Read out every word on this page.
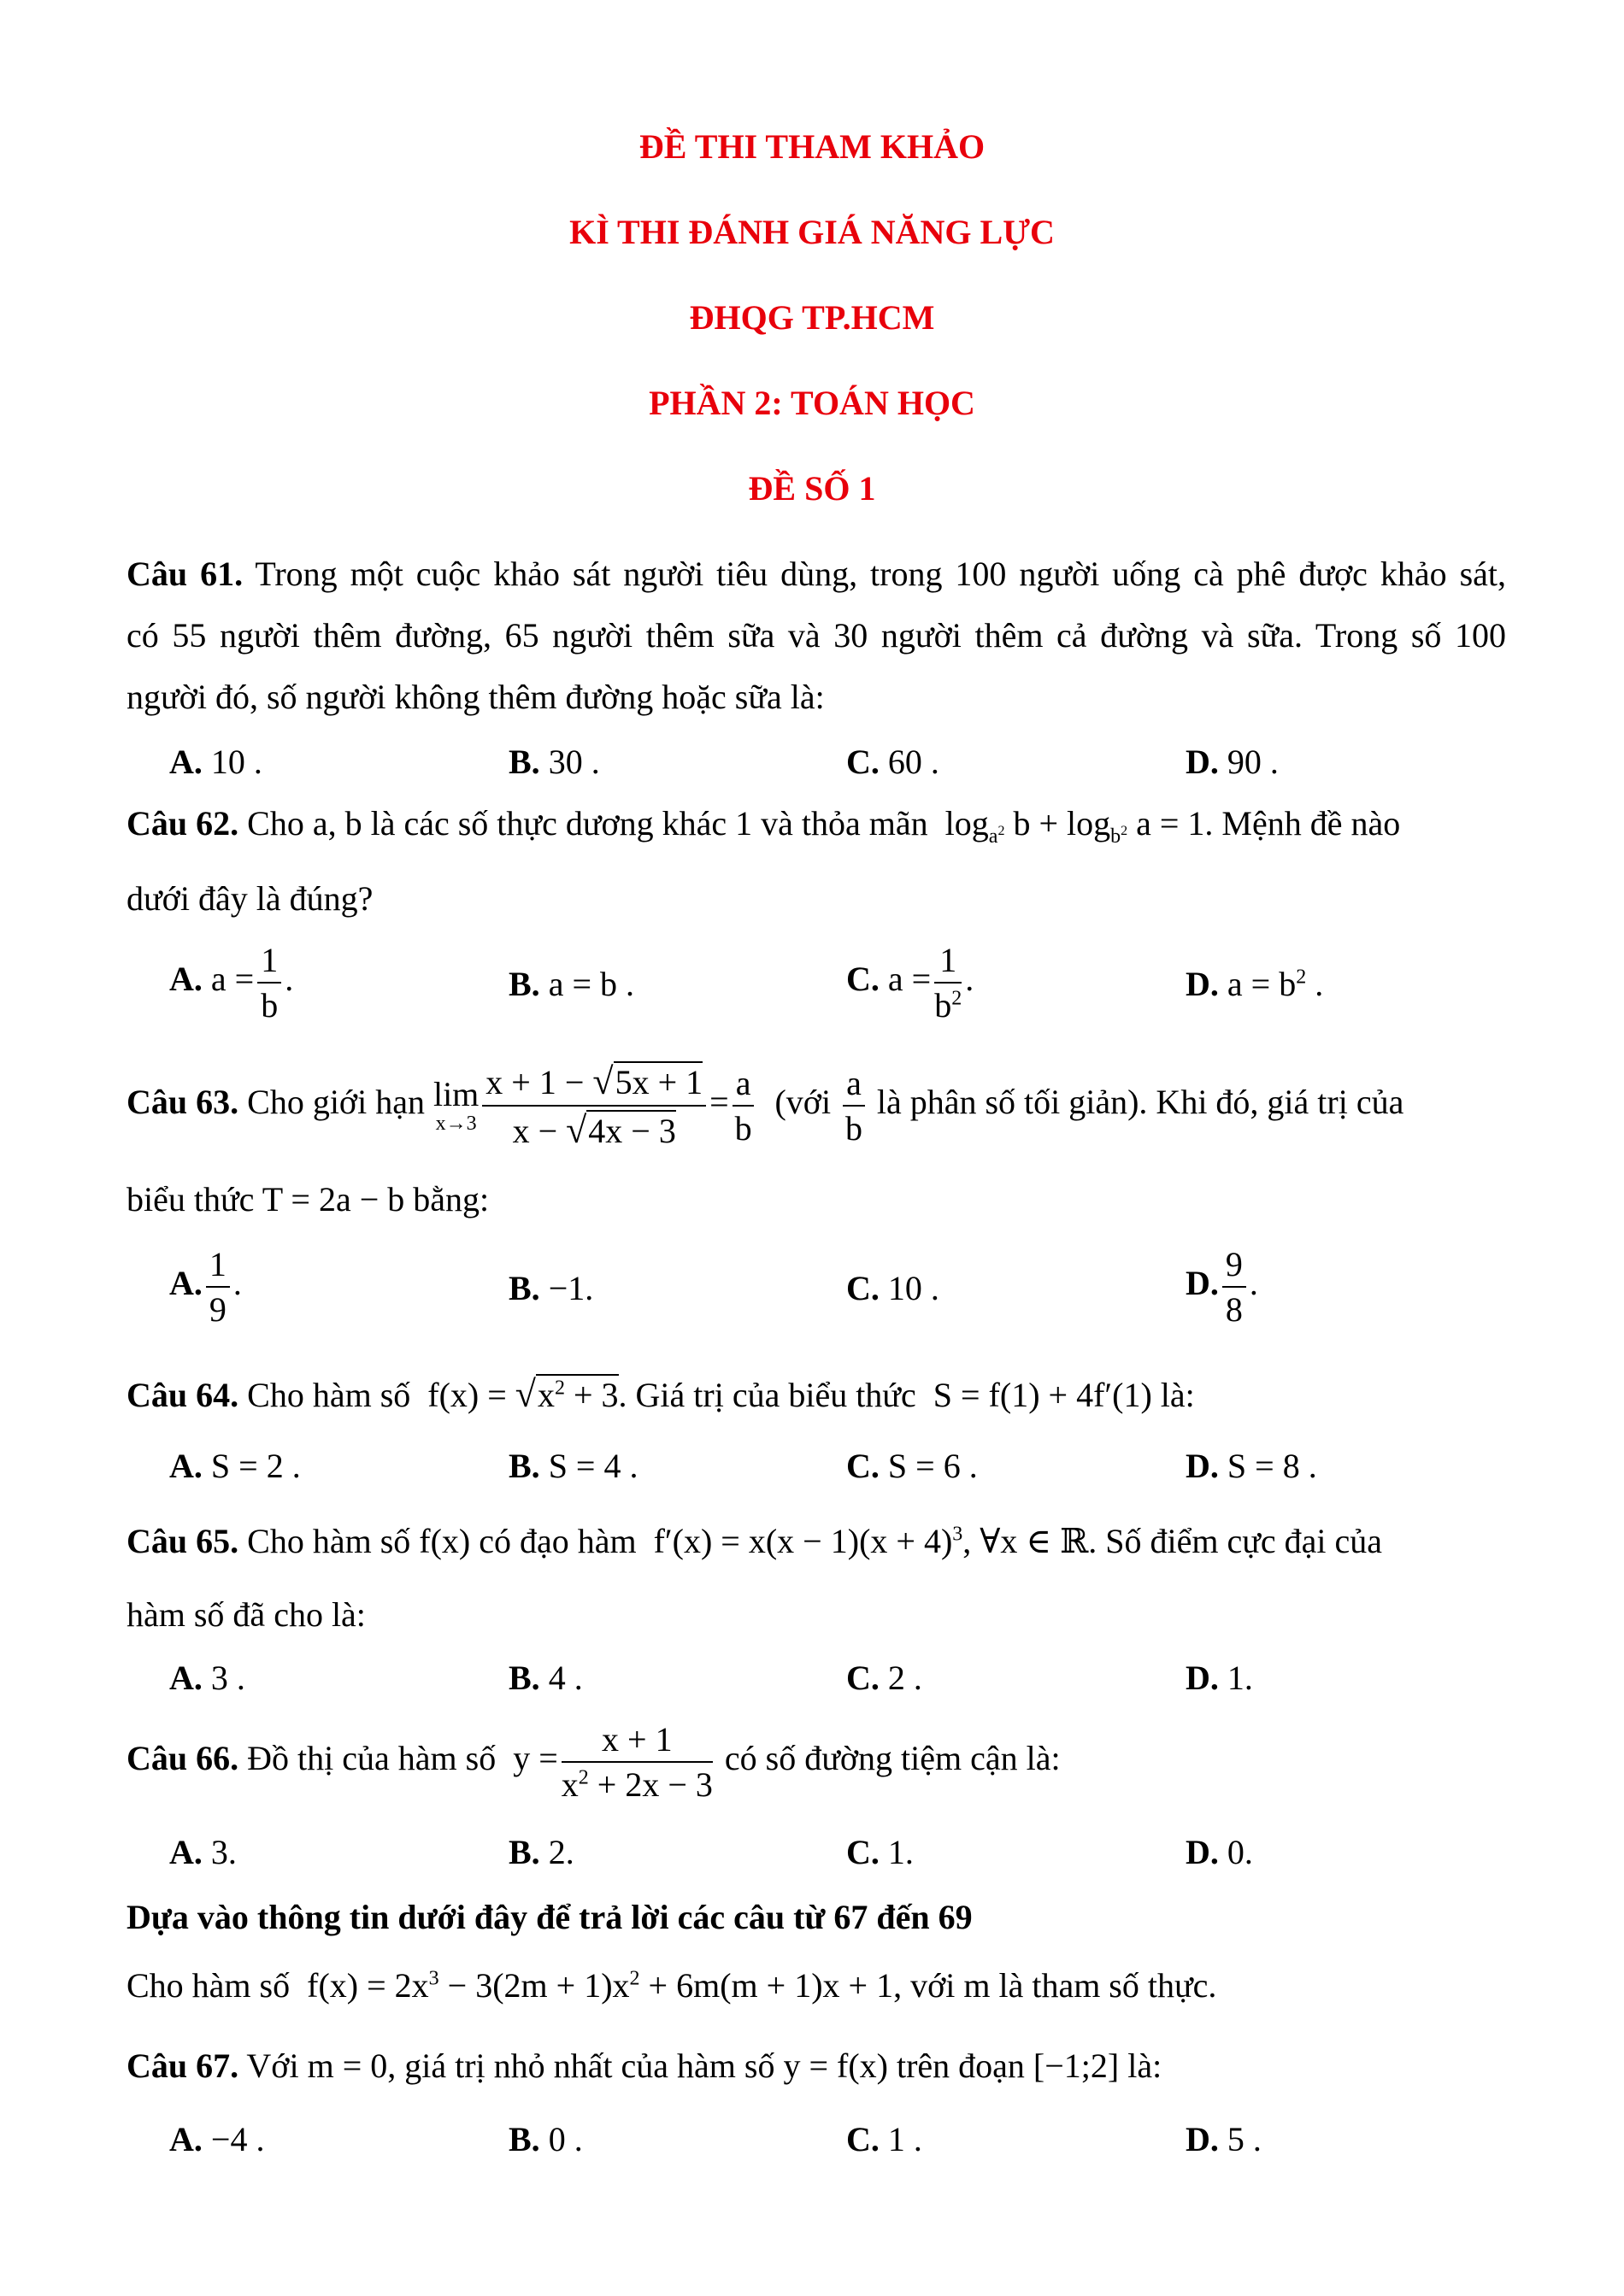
ĐỀ THI THAM KHẢO
KÌ THI ĐÁNH GIÁ NĂNG LỰC
ĐHQG TP.HCM
PHẦN 2: TOÁN HỌC
ĐỀ SỐ 1
Câu 61. Trong một cuộc khảo sát người tiêu dùng, trong 100 người uống cà phê được khảo sát,
có 55 người thêm đường, 65 người thêm sữa và 30 người thêm cả đường và sữa. Trong số 100
người đó, số người không thêm đường hoặc sữa là:
A. 10 .	B. 30 .	C. 60 .	D. 90 .
Câu 62. Cho a, b là các số thực dương khác 1 và thỏa mãn  $\log_{a^2} b + \log_{b^2} a = 1$. Mệnh đề nào
dưới đây là đúng?
A. $a = \frac{1}{b}$ .	B. a = b .	C. $a = \frac{1}{b^2}$ .	D. $a = b^2$ .
Câu 63. Cho giới hạn lim
$x\to 3 \frac{x + 1 - √5x + 1}{x - √4x - 3} = \frac{a}{b}$ (với $\frac{a}{b}$ là phân số tối giản). Khi đó, giá trị của
biểu thức T = 2a − b bằng:
A. $\frac{1}{9}$ .	B. −1.	C. 10 .	D. $\frac{9}{8}$ .
Câu 64. Cho hàm số  $f(x) = √x^2 + 3$. Giá trị của biểu thức  S = f(1) + 4f′(1) là:
A. S = 2 .	B. S = 4 .	C. S = 6 .	D. S = 8 .
Câu 65. Cho hàm số f(x) có đạo hàm  $f'(x) = x(x - 1)(x + 4)^3$, ∀x ∈ ℝ. Số điểm cực đại của
hàm số đã cho là:
A. 3 .	B. 4 .	C. 2 .	D. 1.
Câu 66. Đồ thị của hàm số  $y = \frac{x + 1}{x^2 + 2x - 3}$ có số đường tiệm cận là:
A. 3.	B. 2.	C. 1.	D. 0.
Dựa vào thông tin dưới đây để trả lời các câu từ 67 đến 69
Cho hàm số  $f(x) = 2x^3 - 3(2m + 1)x^2 + 6m(m + 1)x + 1$, với m là tham số thực.
Câu 67. Với m = 0, giá trị nhỏ nhất của hàm số y = f(x) trên đoạn [−1;2] là:
A. −4 .	B. 0 .	C. 1 .	D. 5 .
